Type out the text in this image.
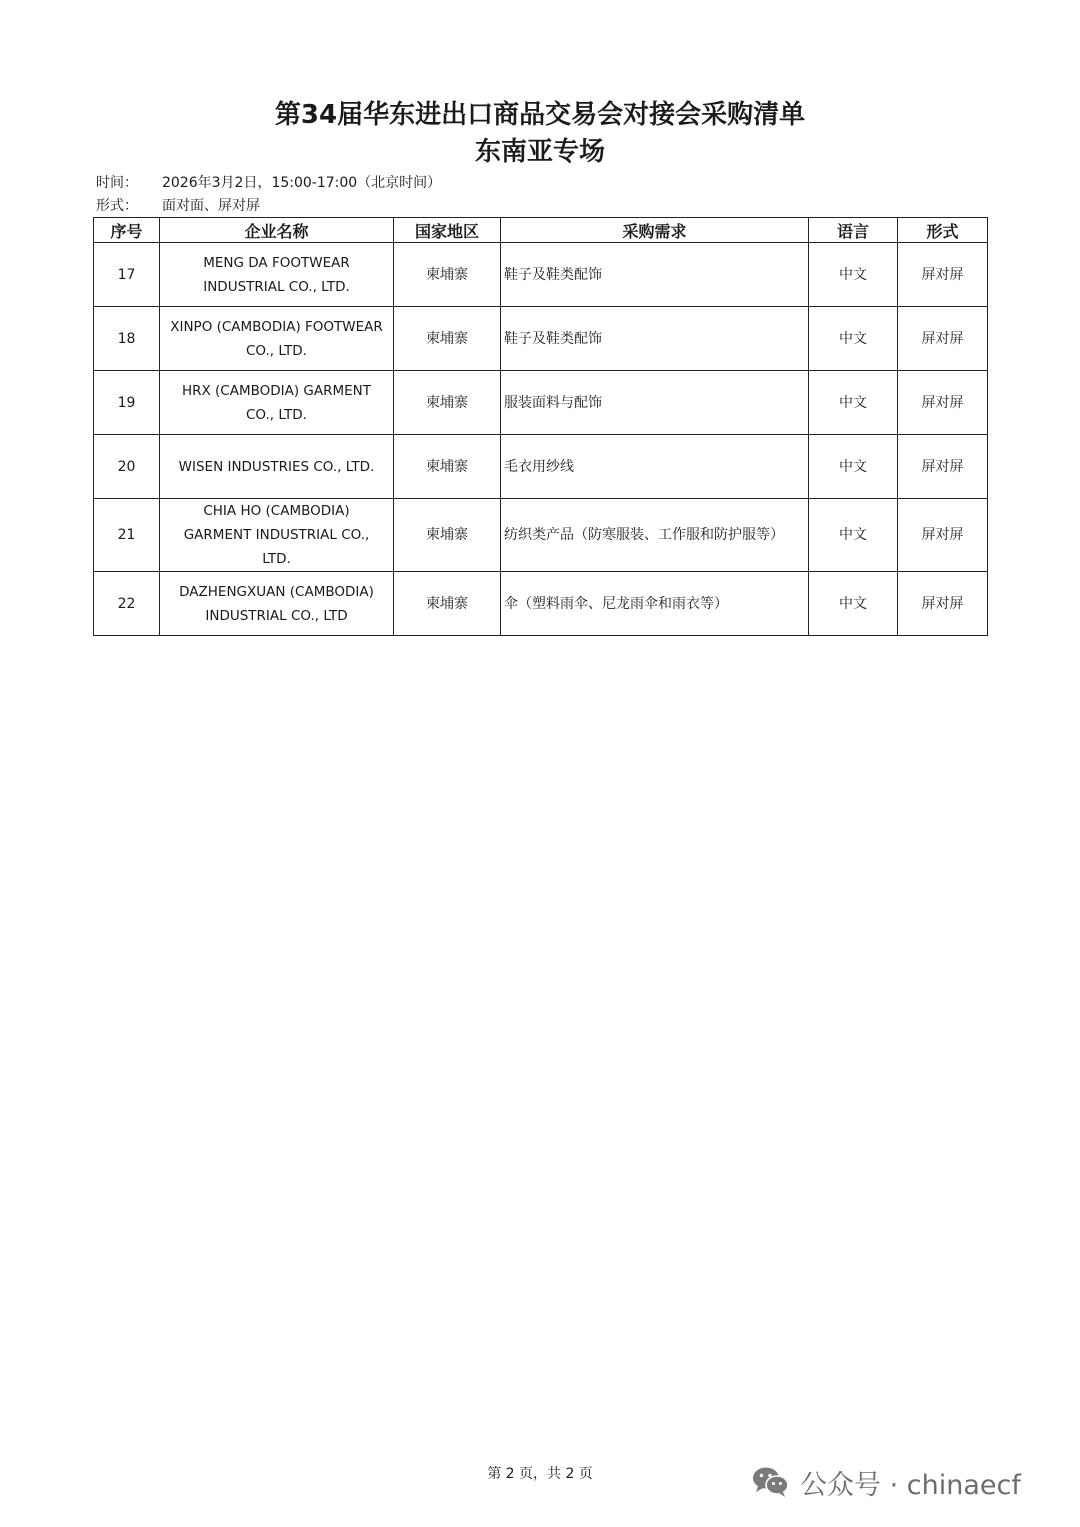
第34届华东进出口商品交易会对接会采购清单
东南亚专场
时间： 2026年3月2日，15:00-17:00（北京时间）
形式： 面对面、屏对屏
序号	企业名称	国家地区	采购需求	语言	形式
17	MENG DA FOOTWEAR INDUSTRIAL CO., LTD.	柬埔寨	鞋子及鞋类配饰	中文	屏对屏
18	XINPO (CAMBODIA) FOOTWEAR CO., LTD.	柬埔寨	鞋子及鞋类配饰	中文	屏对屏
19	HRX (CAMBODIA) GARMENT CO., LTD.	柬埔寨	服装面料与配饰	中文	屏对屏
20	WISEN INDUSTRIES CO., LTD.	柬埔寨	毛衣用纱线	中文	屏对屏
21	CHIA HO (CAMBODIA) GARMENT INDUSTRIAL CO., LTD.	柬埔寨	纺织类产品（防寒服装、工作服和防护服等）	中文	屏对屏
22	DAZHENGXUAN (CAMBODIA) INDUSTRIAL CO., LTD	柬埔寨	伞（塑料雨伞、尼龙雨伞和雨衣等）	中文	屏对屏
第 2 页，共 2 页	公众号 · chinaecf
